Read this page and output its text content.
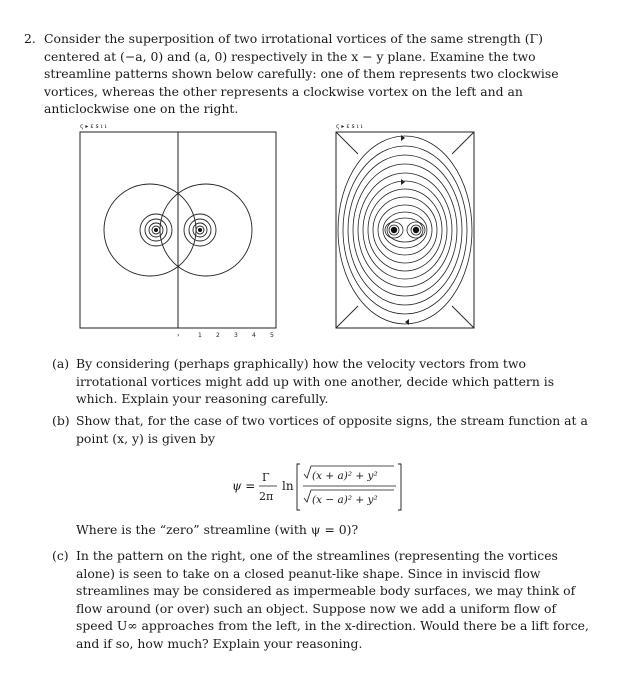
2. Consider the superposition of two irrotational vortices of the same strength (Γ) centered at (−a, 0) and (a, 0) respectively in the x − y plane. Examine the two streamline patterns shown below carefully: one of them represents two clockwise vortices, whereas the other represents a clockwise vortex on the left and an anticlockwise one on the right.
ς ▸ ε ꜱ ι ι
›	1 2 3 4 5
ς ▸ ε ꜱ ι ι
(a) By considering (perhaps graphically) how the velocity vectors from two irrotational vortices might add up with one another, decide which pattern is which. Explain your reasoning carefully.
(b) Show that, for the case of two vortices of opposite signs, the stream function at a point (x, y) is given by
ψ =
Γ
2π
ln
(x + a)² + y²
(x − a)² + y²
Where is the “zero” streamline (with ψ = 0)?
(c) In the pattern on the right, one of the streamlines (representing the vortices alone) is seen to take on a closed peanut-like shape. Since in inviscid flow streamlines may be considered as impermeable body surfaces, we may think of flow around (or over) such an object. Suppose now we add a uniform flow of speed U∞ approaches from the left, in the x-direction. Would there be a lift force, and if so, how much? Explain your reasoning.
